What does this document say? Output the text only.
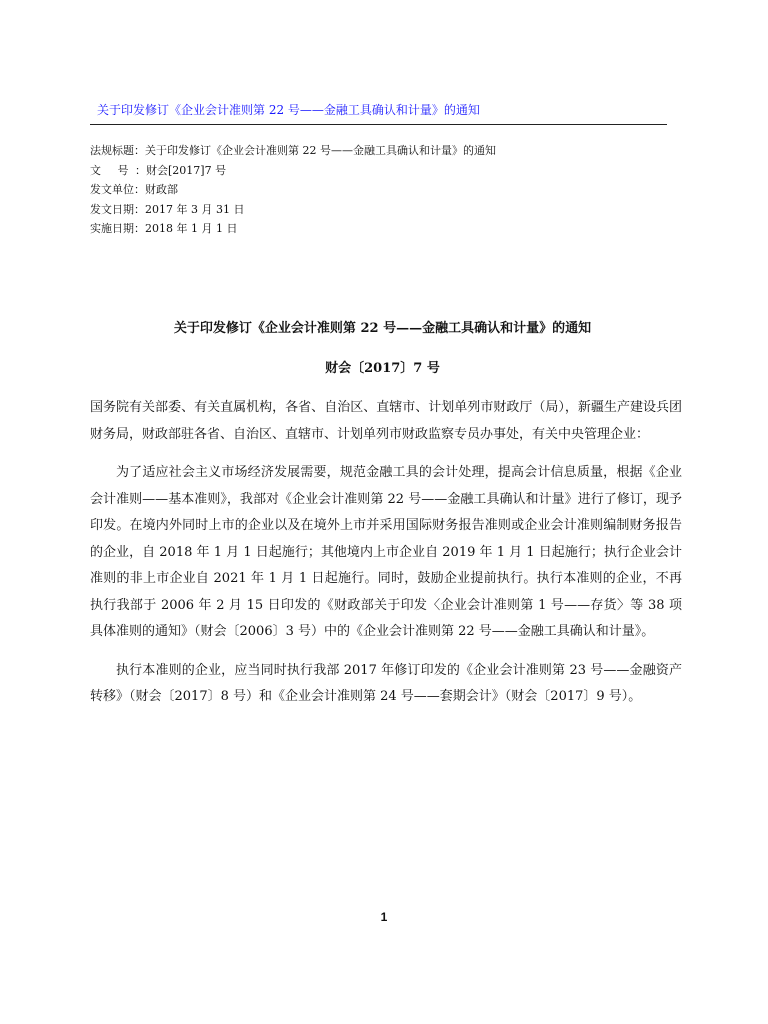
关于印发修订《企业会计准则第 22 号——金融工具确认和计量》的通知
法规标题：关于印发修订《企业会计准则第 22 号——金融工具确认和计量》的通知
文 号：财会[2017]7 号
发文单位：财政部
发文日期：2017 年 3 月 31 日
实施日期：2018 年 1 月 1 日
关于印发修订《企业会计准则第 22 号——金融工具确认和计量》的通知
财会〔2017〕7 号

国务院有关部委、有关直属机构，各省、自治区、直辖市、计划单列市财政厅（局），新疆生产建设兵团财务局，财政部驻各省、自治区、直辖市、计划单列市财政监察专员办事处，有关中央管理企业：

为了适应社会主义市场经济发展需要，规范金融工具的会计处理，提高会计信息质量，根据《企业会计准则——基本准则》，我部对《企业会计准则第 22 号——金融工具确认和计量》进行了修订，现予印发。在境内外同时上市的企业以及在境外上市并采用国际财务报告准则或企业会计准则编制财务报告的企业，自 2018 年 1 月 1 日起施行；其他境内上市企业自 2019 年 1 月 1 日起施行；执行企业会计准则的非上市企业自 2021 年 1 月 1 日起施行。同时，鼓励企业提前执行。执行本准则的企业，不再执行我部于 2006 年 2 月 15 日印发的《财政部关于印发〈企业会计准则第 1 号——存货〉等 38 项具体准则的通知》（财会〔2006〕3 号）中的《企业会计准则第 22 号——金融工具确认和计量》。

执行本准则的企业，应当同时执行我部 2017 年修订印发的《企业会计准则第 23 号——金融资产转移》（财会〔2017〕8 号）和《企业会计准则第 24 号——套期会计》（财会〔2017〕9 号）。

1
